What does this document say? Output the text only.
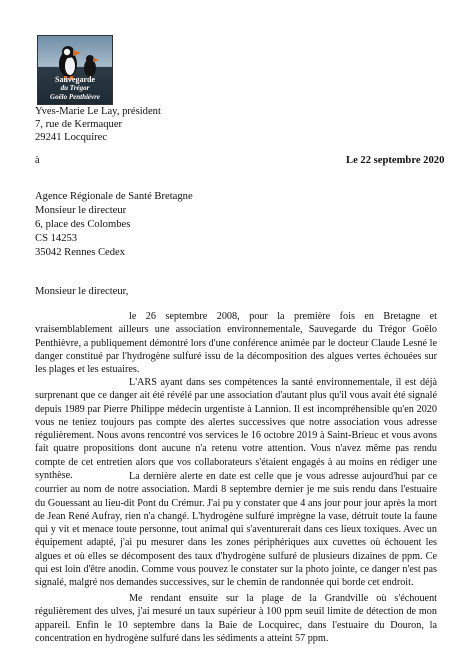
Sauvegarde
du Trégor
Goëlo Penthièvre
Yves-Marie Le Lay, président
7, rue de Kermaquer
29241 Locquirec
à	Le 22 septembre 2020
Agence Régionale de Santé Bretagne
Monsieur le directeur
6, place des Colombes
CS 14253
35042 Rennes Cedex
Monsieur le directeur,
le 26 septembre 2008, pour la première fois en Bretagne et vraisemblablement ailleurs une association environnementale, Sauvegarde du Trégor Goëlo Penthièvre, a publiquement démontré lors d'une conférence animée par le docteur Claude Lesné le danger constitué par l'hydrogène sulfuré issu de la décomposition des algues vertes échouées sur les plages et les estuaires.
L'ARS ayant dans ses compétences la santé environnementale, il est déjà surprenant que ce danger ait été révélé par une association d'autant plus qu'il vous avait été signalé depuis 1989 par Pierre Philippe médecin urgentiste à Lannion. Il est incompréhensible qu'en 2020 vous ne teniez toujours pas compte des alertes successives que notre association vous adresse régulièrement. Nous avons rencontré vos services le 16 octobre 2019 à Saint-Brieuc et vous avons fait quatre propositions dont aucune n'a retenu votre attention. Vous n'avez même pas rendu compte de cet entretien alors que vos collaborateurs s'étaient engagés à au moins en rédiger une synthèse.	La dernière alerte en date est celle que je vous adresse aujourd'hui par ce courrier au nom de notre association. Mardi 8 septembre dernier je me suis rendu dans l'estuaire du Gouessant au lieu-dit Pont du Crémur. J'ai pu y constater que 4 ans jour pour jour après la mort de Jean René Aufray, rien n'a changé. L'hydrogène sulfuré imprègne la vase, détruit toute la faune qui y vit et menace toute personne, tout animal qui s'aventurerait dans ces lieux toxiques. Avec un équipement adapté, j'ai pu mesurer dans les zones périphériques aux cuvettes où échouent les algues et où elles se décomposent des taux d'hydrogène sulfuré de plusieurs dizaines de ppm. Ce qui est loin d'être anodin. Comme vous pouvez le constater sur la photo jointe, ce danger n'est pas signalé, malgré nos demandes successives, sur le chemin de randonnée qui borde cet endroit.
Me rendant ensuite sur la plage de la Grandville où s'échouent régulièrement des ulves, j'ai mesuré un taux supérieur à 100 ppm seuil limite de détection de mon appareil. Enfin le 10 septembre dans la Baie de Locquirec, dans l'estuaire du Douron, la concentration en hydrogène sulfuré dans les sédiments a atteint 57 ppm.
